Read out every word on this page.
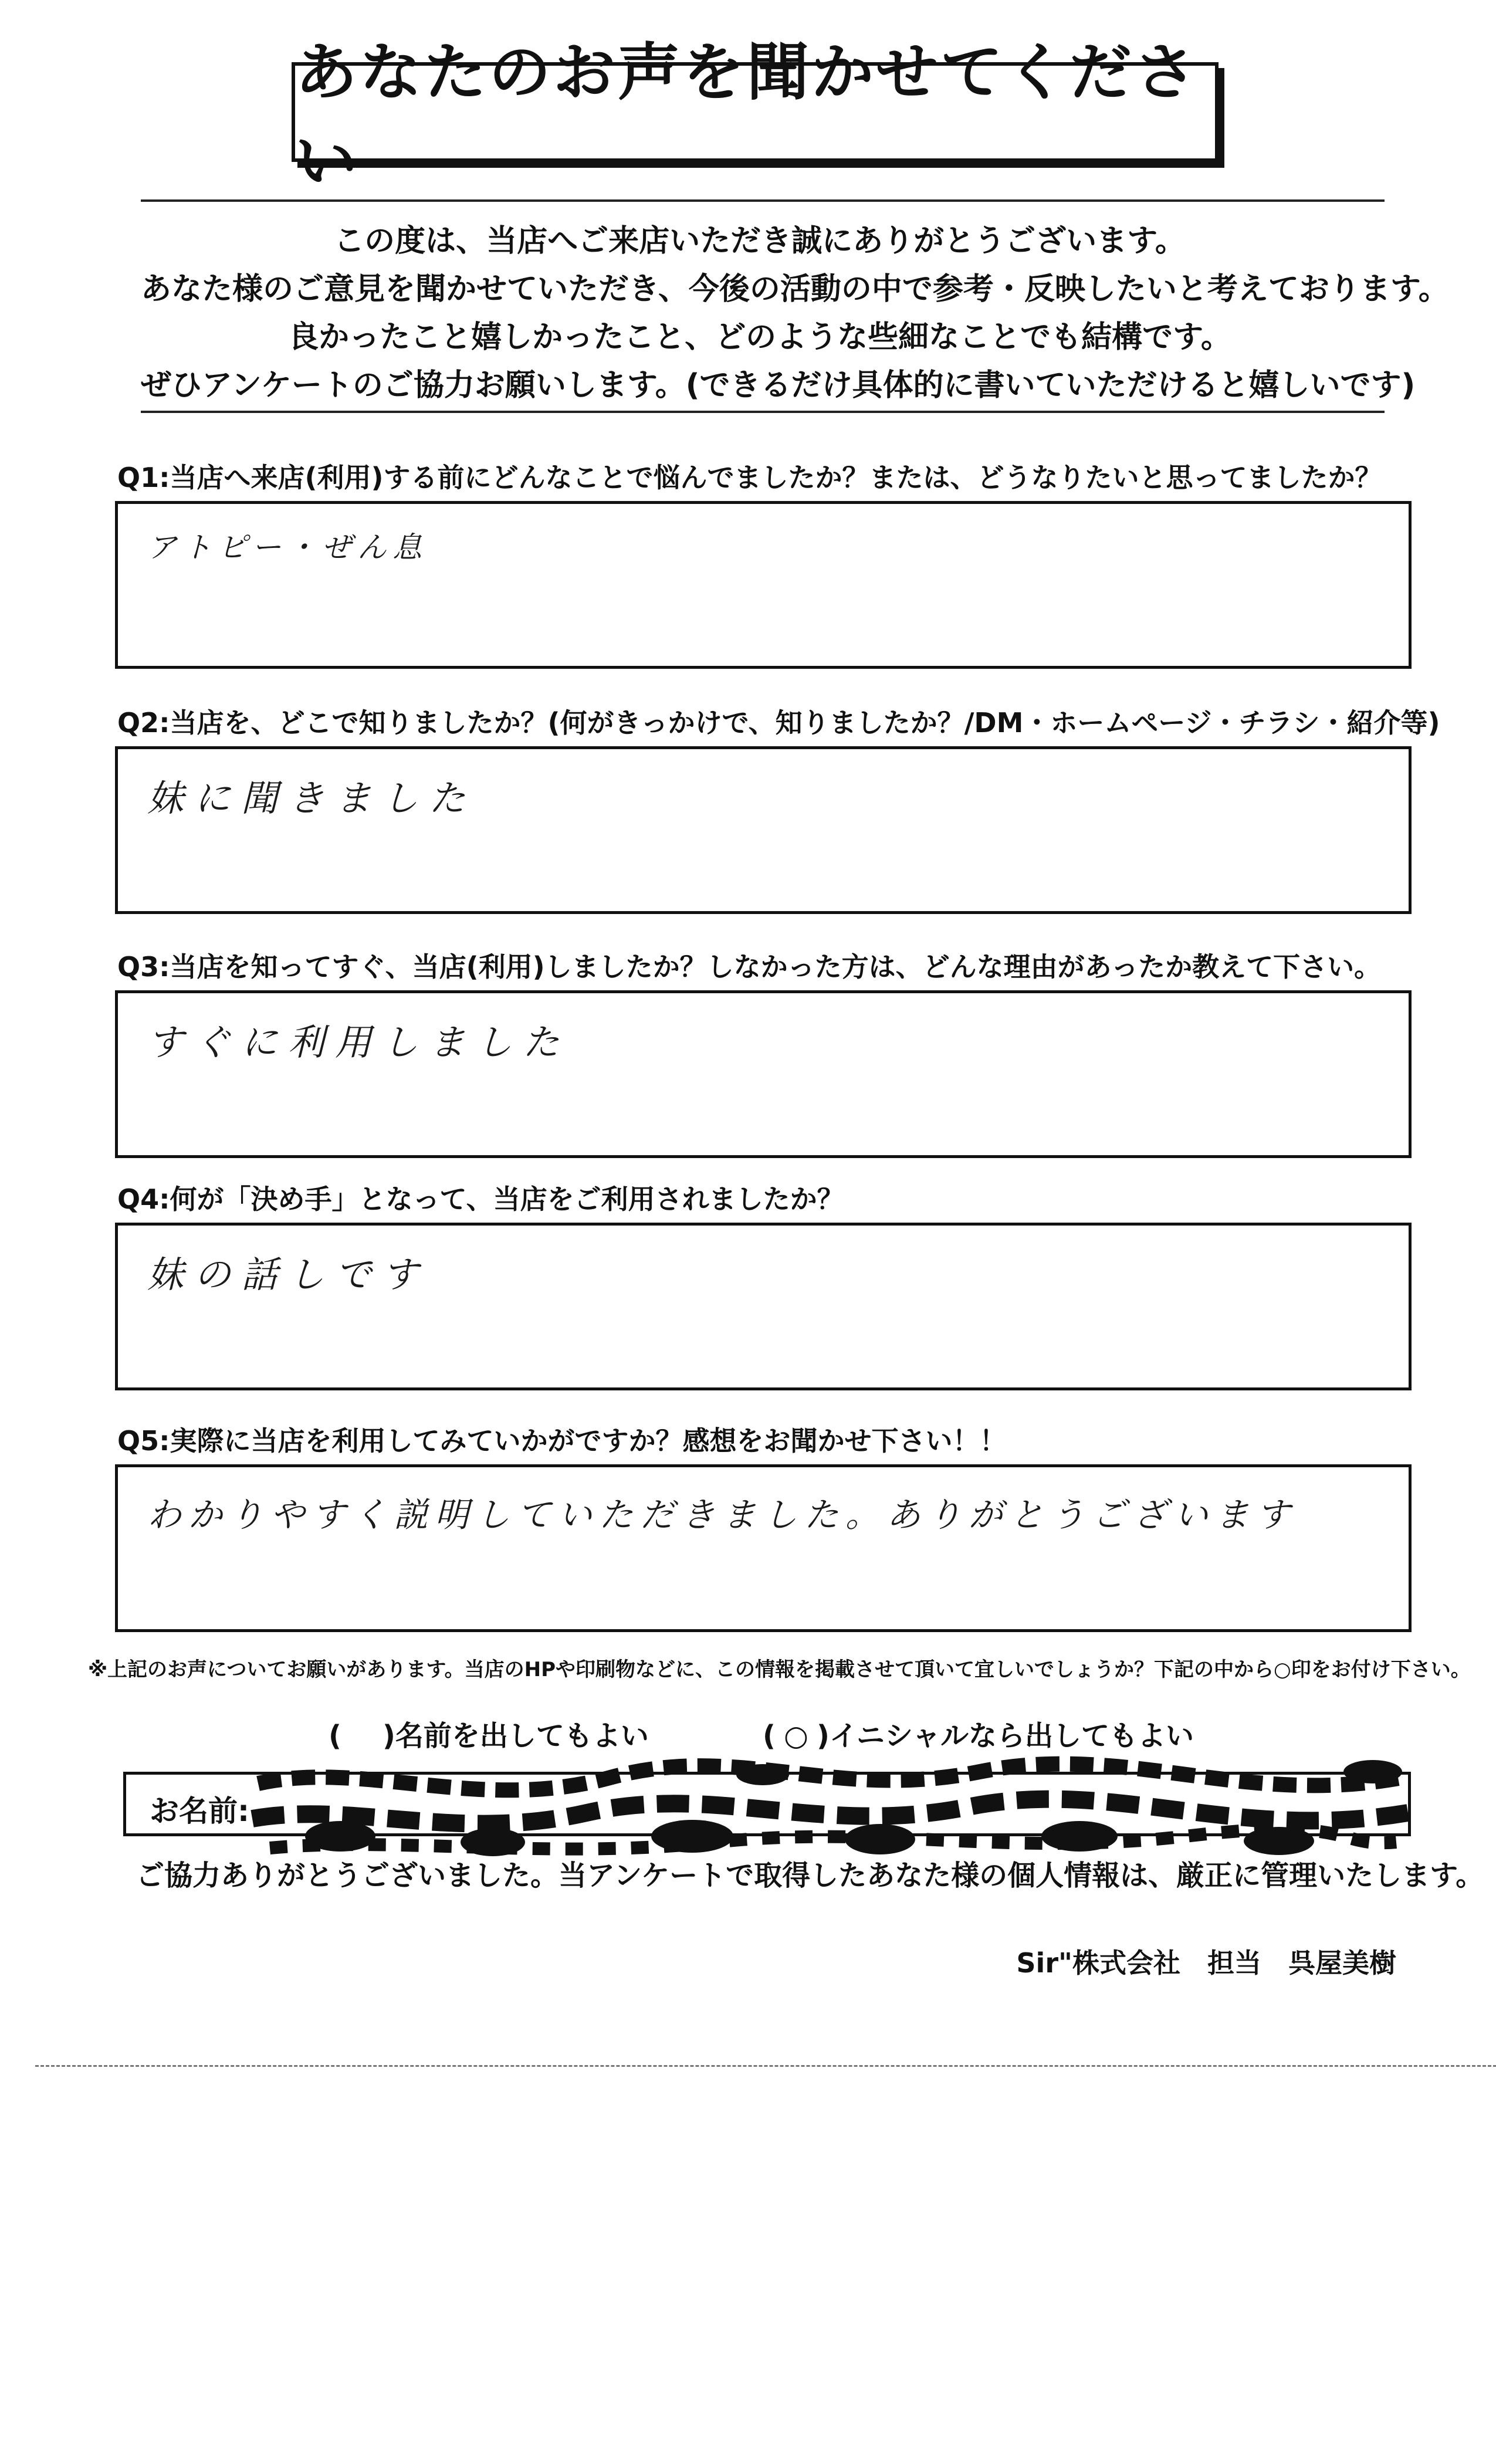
あなたのお声を聞かせてください
この度は、当店へご来店いただき誠にありがとうございます。
あなた様のご意見を聞かせていただき、今後の活動の中で参考・反映したいと考えております。
良かったこと嬉しかったこと、どのような些細なことでも結構です。
ぜひアンケートのご協力お願いします。(できるだけ具体的に書いていただけると嬉しいです)
Q1:当店へ来店(利用)する前にどんなことで悩んでましたか？または、どうなりたいと思ってましたか？
アトピー・ぜん息
Q2:当店を、どこで知りましたか？(何がきっかけで、知りましたか？/DM・ホームページ・チラシ・紹介等)
妹に聞きました
Q3:当店を知ってすぐ、当店(利用)しましたか？しなかった方は、どんな理由があったか教えて下さい。
すぐに利用しました
Q4:何が「決め手」となって、当店をご利用されましたか？
妹の話しです
Q5:実際に当店を利用してみていかがですか？感想をお聞かせ下さい！！
わかりやすく説明していただきました。ありがとうございます
※上記のお声についてお願いがあります。当店のHPや印刷物などに、この情報を掲載させて頂いて宜しいでしょうか？下記の中から○印をお付け下さい。
( )名前を出してもよい	( ○ )イニシャルなら出してもよい
お名前:
ご協力ありがとうございました。当アンケートで取得したあなた様の個人情報は、厳正に管理いたします。
Sir"株式会社 担当 呉屋美樹
